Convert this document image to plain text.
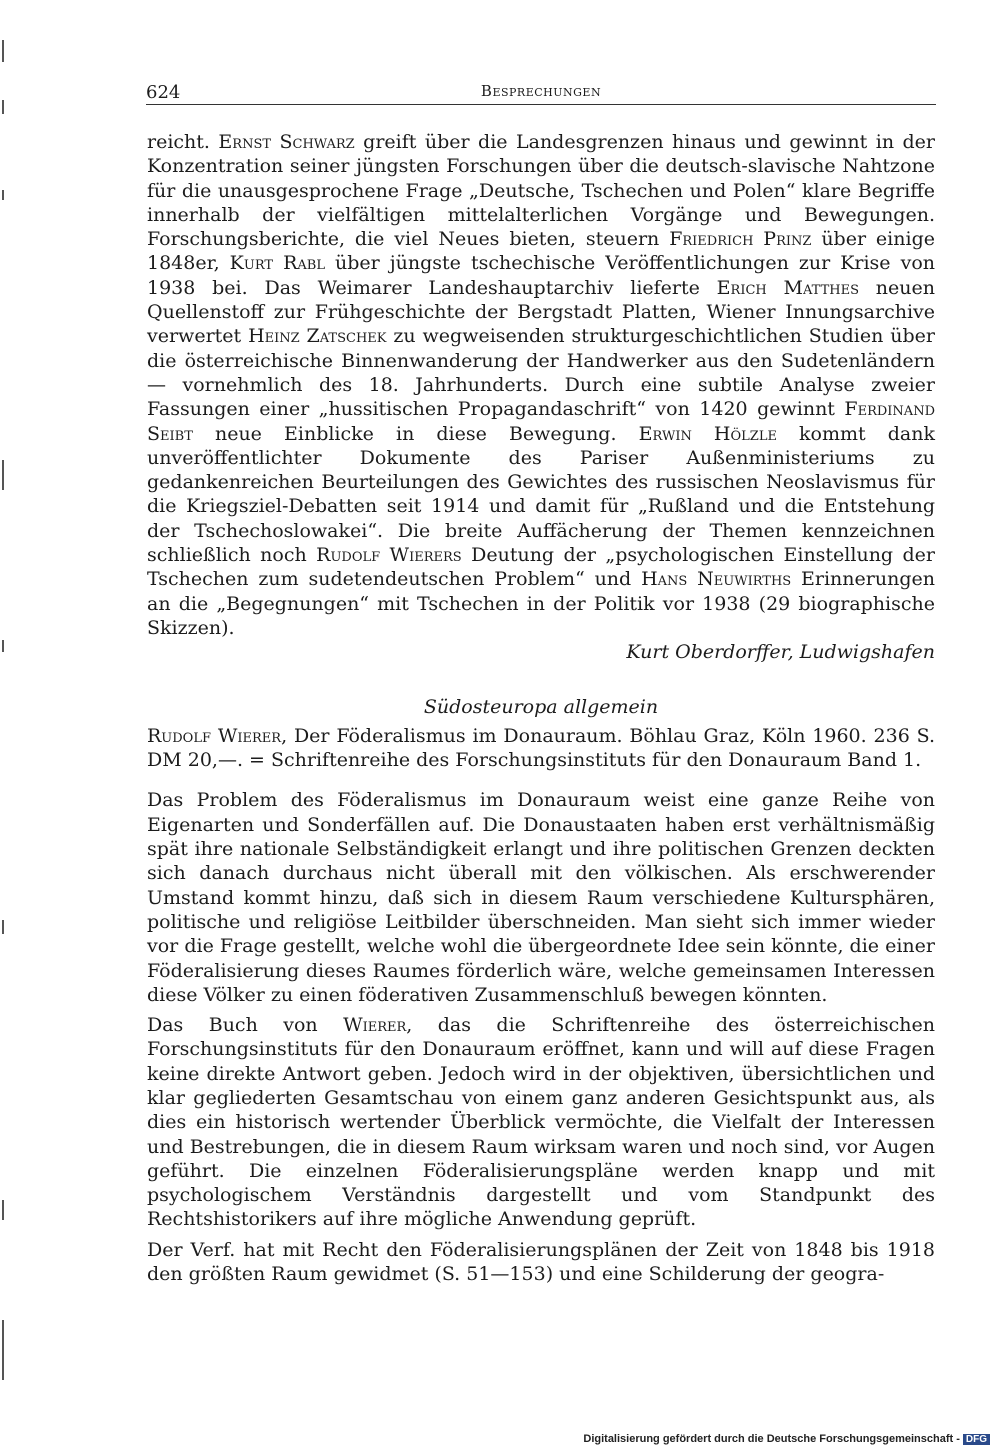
624	Besprechungen

reicht. Ernst Schwarz greift über die Landesgrenzen hinaus und gewinnt in der Konzentration seiner jüngsten Forschungen über die deutsch-slavische Nahtzone für die unausgesprochene Frage „Deutsche, Tschechen und Polen“ klare Begriffe innerhalb der vielfältigen mittelalterlichen Vorgänge und Bewegungen. Forschungsberichte, die viel Neues bieten, steuern Friedrich Prinz über einige 1848er, Kurt Rabl über jüngste tschechische Veröffentlichungen zur Krise von 1938 bei. Das Weimarer Landeshauptarchiv lieferte Erich Matthes neuen Quellenstoff zur Frühgeschichte der Bergstadt Platten, Wiener Innungsarchive verwertet Heinz Zatschek zu wegweisenden strukturgeschichtlichen Studien über die österreichische Binnenwanderung der Handwerker aus den Sudetenländern — vornehmlich des 18. Jahrhunderts. Durch eine subtile Analyse zweier Fassungen einer „hussitischen Propagandaschrift“ von 1420 gewinnt Ferdinand Seibt neue Einblicke in diese Bewegung. Erwin Hölzle kommt dank unveröffentlichter Dokumente des Pariser Außenministeriums zu gedankenreichen Beurteilungen des Gewichtes des russischen Neoslavismus für die Kriegsziel-Debatten seit 1914 und damit für „Rußland und die Entstehung der Tschechoslowakei“. Die breite Auffächerung der Themen kennzeichnen schließlich noch Rudolf Wierers Deutung der „psychologischen Einstellung der Tschechen zum sudetendeutschen Problem“ und Hans Neuwirths Erinnerungen an die „Begegnungen“ mit Tschechen in der Politik vor 1938 (29 biographische Skizzen).

Kurt Oberdorffer, Ludwigshafen

Südosteuropa allgemein

Rudolf Wierer, Der Föderalismus im Donauraum. Böhlau Graz, Köln 1960. 236 S. DM 20,—. = Schriftenreihe des Forschungsinstituts für den Donauraum Band 1.

Das Problem des Föderalismus im Donauraum weist eine ganze Reihe von Eigenarten und Sonderfällen auf. Die Donaustaaten haben erst verhältnismäßig spät ihre nationale Selbständigkeit erlangt und ihre politischen Grenzen deckten sich danach durchaus nicht überall mit den völkischen. Als erschwerender Umstand kommt hinzu, daß sich in diesem Raum verschiedene Kultursphären, politische und religiöse Leitbilder überschneiden. Man sieht sich immer wieder vor die Frage gestellt, welche wohl die übergeordnete Idee sein könnte, die einer Föderalisierung dieses Raumes förderlich wäre, welche gemeinsamen Interessen diese Völker zu einen föderativen Zusammenschluß bewegen könnten.

Das Buch von Wierer, das die Schriftenreihe des österreichischen Forschungsinstituts für den Donauraum eröffnet, kann und will auf diese Fragen keine direkte Antwort geben. Jedoch wird in der objektiven, übersichtlichen und klar gegliederten Gesamtschau von einem ganz anderen Gesichtspunkt aus, als dies ein historisch wertender Überblick vermöchte, die Vielfalt der Interessen und Bestrebungen, die in diesem Raum wirksam waren und noch sind, vor Augen geführt. Die einzelnen Föderalisierungspläne werden knapp und mit psychologischem Verständnis dargestellt und vom Standpunkt des Rechtshistorikers auf ihre mögliche Anwendung geprüft.

Der Verf. hat mit Recht den Föderalisierungsplänen der Zeit von 1848 bis 1918 den größten Raum gewidmet (S. 51—153) und eine Schilderung der geogra-

Digitalisierung gefördert durch die Deutsche Forschungsgemeinschaft - DFG
